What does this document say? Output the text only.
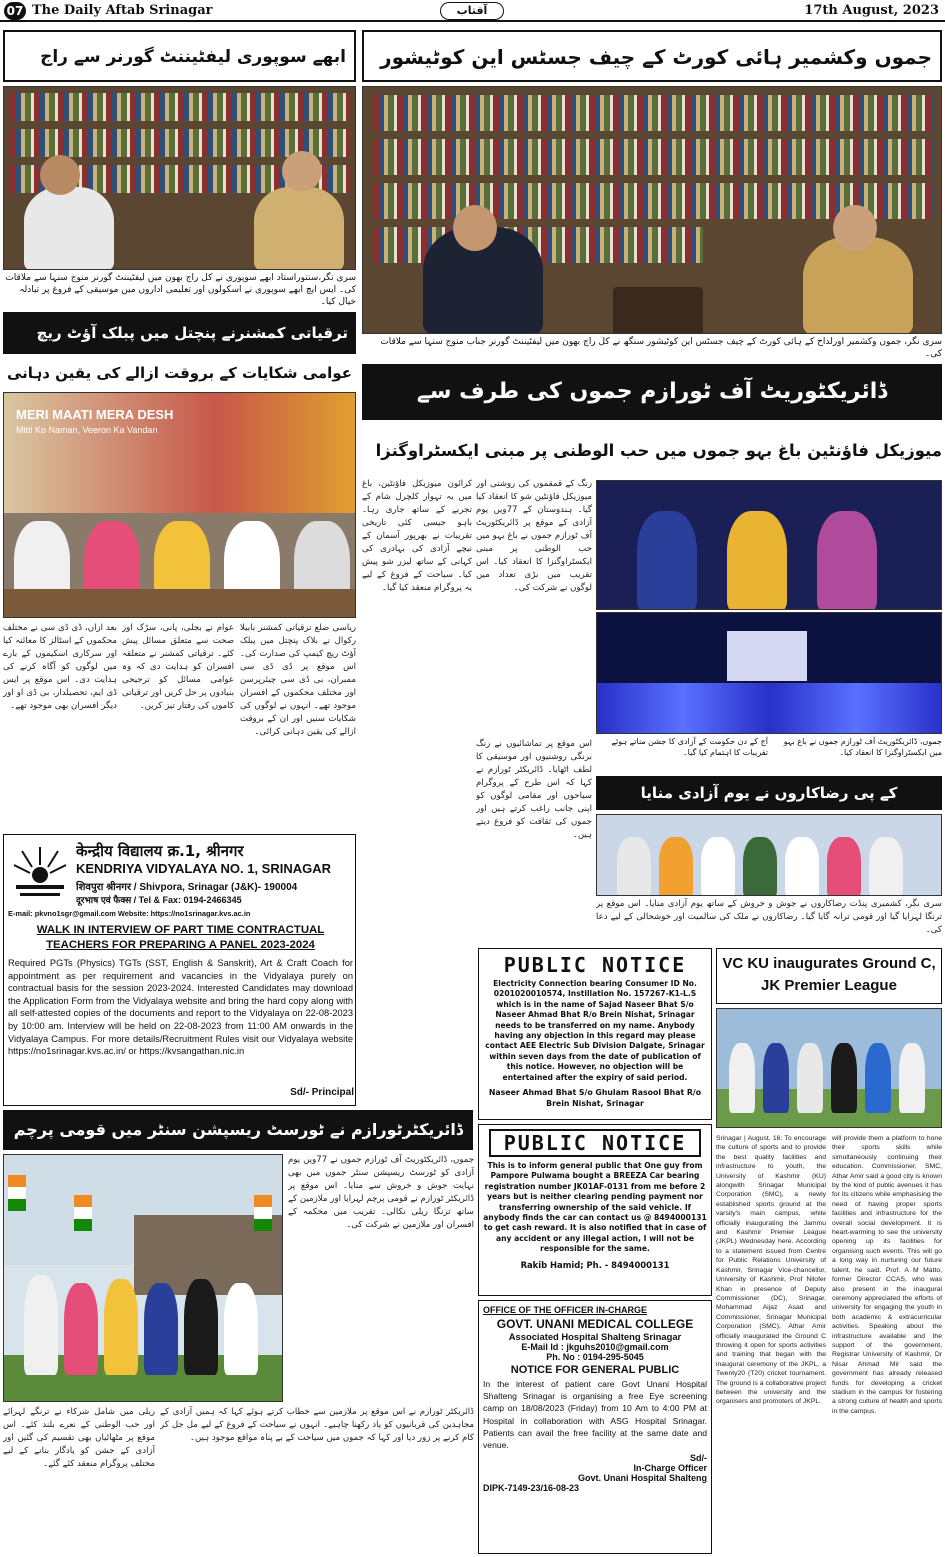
07 The Daily Aftab Srinagar	آفتاب	17th August, 2023
جموں وکشمیر ہائی کورٹ کے چیف جسٹس این کوٹیشور
سری نگر، جموں وکشمیر اورلداخ کے ہائی کورٹ کے چیف جسٹس این کوٹیشور سنگھ نے کل راج بھون میں لیفٹیننٹ گورنر جناب منوج سنہا سے ملاقات کی۔
ابھے سوپوری لیفٹیننٹ گورنر سے راج
سری نگر،سنتوراستاد ابھے سوپوری نے کل راج بھون میں لیفٹیننٹ گورنر منوج سنہا سے ملاقات کی۔ ایس ایچ ابھے سوپوری نے اسکولوں اور تعلیمی اداروں میں موسیقی کے فروغ پر تبادلہ خیال کیا۔
ترقیاتی کمشنرنے پنچتل میں پبلک آؤٹ ریچ
عوامی شکایات کے بروقت ازالے کی یقین دہانی
MERI MAATI MERA DESH
Mitti Ko Naman, Veeron Ka Vandan
ریاسی ضلع ترقیاتی کمشنر بابیلا رکوال نے بلاک پنچتل میں پبلک آؤٹ ریچ کیمپ کی صدارت کی۔ اس موقع پر ڈی ڈی سی ممبران، بی ڈی سی چیئرپرسن اور مختلف محکموں کے افسران موجود تھے۔ انہوں نے لوگوں کی شکایات سنیں اور ان کے بروقت ازالے کی یقین دہانی کرائی۔
عوام نے بجلی، پانی، سڑک اور صحت سے متعلق مسائل پیش کئے۔ ترقیاتی کمشنر نے متعلقہ افسران کو ہدایت دی کہ وہ عوامی مسائل کو ترجیحی بنیادوں پر حل کریں اور ترقیاتی کاموں کی رفتار تیز کریں۔
بعد ازاں، ڈی ڈی سی نے مختلف محکموں کے اسٹالز کا معائنہ کیا اور سرکاری اسکیموں کے بارے میں لوگوں کو آگاہ کرنے کی ہدایت دی۔ اس موقع پر ایس ڈی ایم، تحصیلدار، بی ڈی او اور دیگر افسران بھی موجود تھے۔
केन्द्रीय विद्यालय क्र.1, श्रीनगर
KENDRIYA VIDYALAYA NO. 1, SRINAGAR
शिवपुरा श्रीनगर / Shivpora, Srinagar (J&K)- 190004
दूरभाष एवं फैक्स / Tel & Fax: 0194-2466345
E-mail: pkvno1sgr@gmail.com Website: https://no1srinagar.kvs.ac.in
WALK IN INTERVIEW OF PART TIME CONTRACTUAL TEACHERS FOR PREPARING A PANEL 2023-2024
Required PGTs (Physics) TGTs (SST, English & Sanskrit), Art & Craft Coach for appointment as per requirement and vacancies in the Vidyalaya purely on contractual basis for the session 2023-2024. Interested Candidates may download the Application Form from the Vidyalaya website and bring the hard copy along with all self-attested copies of the documents and report to the Vidyalaya on 22-08-2023 by 10:00 am. Interview will be held on 22-08-2023 from 11:00 AM onwards in the Vidyalaya Campus. For more details/Recruitment Rules visit our Vidyalaya website https://no1srinagar.kvs.ac.in/ or https://kvsangathan.nic.in
Sd/- Principal
ڈائریکٹوریٹ آف ٹورازم جموں کی طرف سے
میوزیکل فاؤنٹین باغ بہو جموں میں حب الوطنی پر مبنی ایکسٹراوگنزا
رنگ کے قمقموں کی روشنی اور میوزیکل فاؤنٹین شو کا انعقاد کیا گیا۔ ہندوستان کے 77ویں یوم آزادی کے موقع پر ڈائریکٹوریٹ آف ٹورازم جموں نے باغ بہو میں حب الوطنی پر مبنی ایکسٹراوگنزا کا انعقاد کیا۔ اس تقریب میں بڑی تعداد میں لوگوں نے شرکت کی۔
کرائون میوزیکل فاؤنٹین، باغ میں یہ تہوار کلچرل شام کے تجربے کے ساتھ جاری رہا۔ باہو جیسی کئی تاریخی تقریبات نے بھرپور آسمان کے نیچے آزادی کی بہادری کی کہانی کے ساتھ لیزر شو پیش کیا۔ سیاحت کے فروغ کے لیے یہ پروگرام منعقد کیا گیا۔
آج کے دن حکومت کے آزادی کا جشن مناتے ہوئے تقریبات کا اہتمام کیا گیا۔
جموں، ڈائریکٹوریٹ آف ٹورازم جموں نے باغ بہو میں ایکسٹراوگنزا کا انعقاد کیا۔
اس موقع پر تماشائیوں نے رنگ برنگی روشنیوں اور موسیقی کا لطف اٹھایا۔ ڈائریکٹر ٹورازم نے کہا کہ اس طرح کے پروگرام سیاحوں اور مقامی لوگوں کو اپنی جانب راغب کرتے ہیں اور جموں کی ثقافت کو فروغ دیتے ہیں۔
کے پی رضاکاروں نے یوم آزادی منایا
سری نگر، کشمیری پنڈت رضاکاروں نے جوش و خروش کے ساتھ یوم آزادی منایا۔ اس موقع پر ترنگا لہرایا گیا اور قومی ترانہ گایا گیا۔ رضاکاروں نے ملک کی سالمیت اور خوشحالی کے لیے دعا کی۔
PUBLIC NOTICE
Electricity Connection bearing Consumer ID No. 0201020010574, Instillation No. 157267-K1-L.S which is in the name of Sajad Naseer Bhat S/o Naseer Ahmad Bhat R/o Brein Nishat, Srinagar needs to be transferred on my name. Anybody having any objection in this regard may please contact AEE Electric Sub Division Dalgate, Srinagar within seven days from the date of publication of this notice. However, no objection will be entertained after the expiry of said period.
Naseer Ahmad Bhat S/o Ghulam Rasool Bhat R/o Brein Nishat, Srinagar
PUBLIC NOTICE
This is to inform general public that One guy from Pampore Pulwama bought a BREEZA Car bearing registration number JK01AF-0131 from me before 2 years but is neither clearing pending payment nor transferring ownership of the said vehicle. If anybody finds the car can contact us @ 8494000131 to get cash reward. It is also notified that in case of any accident or any illegal action, I will not be responsible for the same.
Rakib Hamid; Ph. - 8494000131
OFFICE OF THE OFFICER IN-CHARGE
GOVT. UNANI MEDICAL COLLEGE
Associated Hospital Shalteng Srinagar
E-Mail Id : jkguhs2010@gmail.com
Ph. No : 0194-295-5045
NOTICE FOR GENERAL PUBLIC
In the interest of patient care Govt Unani Hospital Shalteng Srinagar is organising a free Eye screening camp on 18/08/2023 (Friday) from 10 Am to 4:00 PM at Hospital in collaboration with ASG Hospital Srinagar. Patients can avail the free facility at the same date and venue.
Sd/-
In-Charge Officer
Govt. Unani Hospital Shalteng
DIPK-7149-23/16-08-23
VC KU inaugurates Ground C, JK Premier League
Srinagar | August, 16: To encourage the culture of sports and to provide the best quality facilities and infrastructure to youth, the University of Kashmir (KU) alongwith Srinagar Municipal Corporation (SMC), a newly established sports ground at the varsity's main campus, while officially inaugurating the Jammu and Kashmir Premier League (JKPL) Wednesday here. According to a statement issued from Centre for Public Relations University of Kashmir, Srinagar Vice-chancellor, University of Kashmir, Prof Nilofer Khan in presence of Deputy Commissioner (DC), Srinagar, Mohammad Aijaz Asad and Commissioner, Srinagar Municipal Corporation (SMC), Athar Amir officially inaugurated the Ground C throwing it open for sports activities and training that began with the inaugural ceremony of the JKPL, a Twenty20 (T20) cricket tournament. The ground is a collaborative project between the university and the organisers and promoters of JKPL.
will provide them a platform to hone their sports skills while simultaneously continuing their education. Commissioner, SMC, Athar Amir said a good city is known by the kind of public avenues it has for its citizens while emphasising the need of having proper sports facilities and infrastructure for the overall social development. It is heart-warming to see the university opening up its facilities for organising such events. This will go a long way in nurturing our future talent, he said. Prof. A M Matto, former Director CCAS, who was also present in the inaugural ceremony appreciated the efforts of university for engaging the youth in both academic & extracurricular activities. Speaking about the infrastructure available and the support of the government, Registrar University of Kashmir, Dr Nisar Ahmad Mir said the government has already released funds for developing a cricket stadium in the campus for fostering a strong culture of health and sports in the campus.
ڈائریکٹرٹورازم نے ٹورسٹ ریسپشن سنٹر میں قومی پرچم
جموں، ڈائریکٹوریٹ آف ٹورازم جموں نے 77ویں یوم آزادی کو ٹورسٹ ریسپشن سنٹر جموں میں بھی نہایت جوش و خروش سے منایا۔ اس موقع پر ڈائریکٹر ٹورازم نے قومی پرچم لہرایا اور ملازمین کے ساتھ ترنگا ریلی نکالی۔ تقریب میں محکمہ کے افسران اور ملازمین نے شرکت کی۔
ڈائریکٹر ٹورازم نے اس موقع پر ملازمین سے خطاب کرتے ہوئے کہا کہ ہمیں آزادی کے مجاہدین کی قربانیوں کو یاد رکھنا چاہیے۔ انہوں نے سیاحت کے فروغ کے لیے مل جل کر کام کرنے پر زور دیا اور کہا کہ جموں میں سیاحت کے بے پناہ مواقع موجود ہیں۔
ریلی میں شامل شرکاء نے ترنگے لہرائے اور حب الوطنی کے نعرے بلند کئے۔ اس موقع پر مٹھائیاں بھی تقسیم کی گئیں اور آزادی کے جشن کو یادگار بنانے کے لیے مختلف پروگرام منعقد کئے گئے۔
